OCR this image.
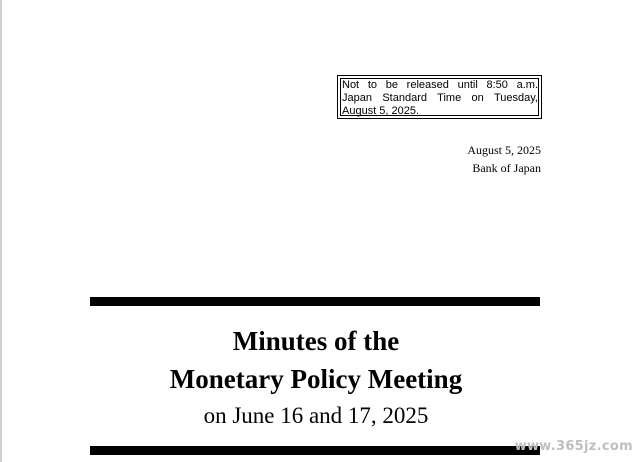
Not to be released until 8:50 a.m.
Japan Standard Time on Tuesday,
August 5, 2025.
August 5, 2025
Bank of Japan
Minutes of the
Monetary Policy Meeting
on June 16 and 17, 2025
www.365jz.com
